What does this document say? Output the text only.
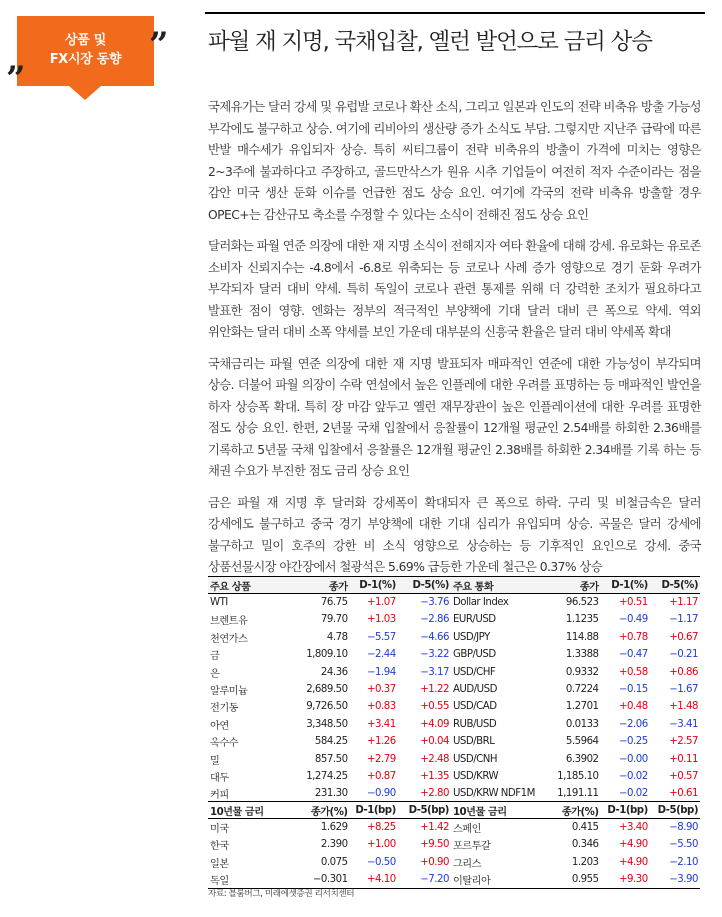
상품 및
FX시장 동향 ”
”
파월 재 지명, 국채입찰, 옐런 발언으로 금리 상승

국제유가는 달러 강세 및 유럽발 코로나 확산 소식, 그리고 일본과 인도의 전략 비축유 방출 가능성 부각에도 불구하고 상승. 여기에 리비아의 생산량 증가 소식도 부담. 그렇지만 지난주 급락에 따른 반발 매수세가 유입되자 상승. 특히 씨티그룹이 전략 비축유의 방출이 가격에 미치는 영향은 2~3주에 불과하다고 주장하고, 골드만삭스가 원유 시추 기업들이 여전히 적자 수준이라는 점을 감안 미국 생산 둔화 이슈를 언급한 점도 상승 요인. 여기에 각국의 전략 비축유 방출할 경우 OPEC+는 감산규모 축소를 수정할 수 있다는 소식이 전해진 점도 상승 요인

달러화는 파월 연준 의장에 대한 재 지명 소식이 전해지자 여타 환율에 대해 강세. 유로화는 유로존 소비자 신뢰지수는 -4.8에서 -6.8로 위축되는 등 코로나 사례 증가 영향으로 경기 둔화 우려가 부각되자 달러 대비 약세. 특히 독일이 코로나 관련 통제를 위해 더 강력한 조치가 필요하다고 발표한 점이 영향. 엔화는 정부의 적극적인 부양책에 기대 달러 대비 큰 폭으로 약세. 역외 위안화는 달러 대비 소폭 약세를 보인 가운데 대부분의 신흥국 환율은 달러 대비 약세폭 확대

국채금리는 파월 연준 의장에 대한 재 지명 발표되자 매파적인 연준에 대한 가능성이 부각되며 상승. 더불어 파월 의장이 수락 연설에서 높은 인플레에 대한 우려를 표명하는 등 매파적인 발언을 하자 상승폭 확대. 특히 장 마감 앞두고 옐런 재무장관이 높은 인플레이션에 대한 우려를 표명한 점도 상승 요인. 한편, 2년물 국채 입찰에서 응찰률이 12개월 평균인 2.54배를 하회한 2.36배를 기록하고 5년물 국채 입찰에서 응찰률은 12개월 평균인 2.38배를 하회한 2.34배를 기록 하는 등 채권 수요가 부진한 점도 금리 상승 요인

금은 파월 재 지명 후 달러화 강세폭이 확대되자 큰 폭으로 하락. 구리 및 비철금속은 달러 강세에도 불구하고 중국 경기 부양책에 대한 기대 심리가 유입되며 상승. 곡물은 달러 강세에 불구하고 밀이 호주의 강한 비 소식 영향으로 상승하는 등 기후적인 요인으로 강세. 중국 상품선물시장 야간장에서 철광석은 5.69% 급등한 가운데 철근은 0.37% 상승

주요 상품	종가	D-1(%)	D-5(%)	주요 통화	종가	D-1(%)	D-5(%)
WTI	76.75	+1.07	−3.76	Dollar Index	96.523	+0.51	+1.17
브렌트유	79.70	+1.03	−2.86	EUR/USD	1.1235	−0.49	−1.17
천연가스	4.78	−5.57	−4.66	USD/JPY	114.88	+0.78	+0.67
금	1,809.10	−2.44	−3.22	GBP/USD	1.3388	−0.47	−0.21
은	24.36	−1.94	−3.17	USD/CHF	0.9332	+0.58	+0.86
알루미늄	2,689.50	+0.37	+1.22	AUD/USD	0.7224	−0.15	−1.67
전기동	9,726.50	+0.83	+0.55	USD/CAD	1.2701	+0.48	+1.48
아연	3,348.50	+3.41	+4.09	RUB/USD	0.0133	−2.06	−3.41
옥수수	584.25	+1.26	+0.04	USD/BRL	5.5964	−0.25	+2.57
밀	857.50	+2.79	+2.48	USD/CNH	6.3902	−0.00	+0.11
대두	1,274.25	+0.87	+1.35	USD/KRW	1,185.10	−0.02	+0.57
커피	231.30	−0.90	+2.80	USD/KRW NDF1M	1,191.11	−0.02	+0.61
10년물 금리	종가(%)	D-1(bp)	D-5(bp)	10년물 금리	종가(%)	D-1(bp)	D-5(bp)
미국	1.629	+8.25	+1.42	스페인	0.415	+3.40	−8.90
한국	2.390	+1.00	+9.50	포르투갈	0.346	+4.90	−5.50
일본	0.075	−0.50	+0.90	그리스	1.203	+4.90	−2.10
독일	−0.301	+4.10	−7.20	이탈리아	0.955	+9.30	−3.90
자료: 블룸버그, 미래에셋증권 리서치센터
